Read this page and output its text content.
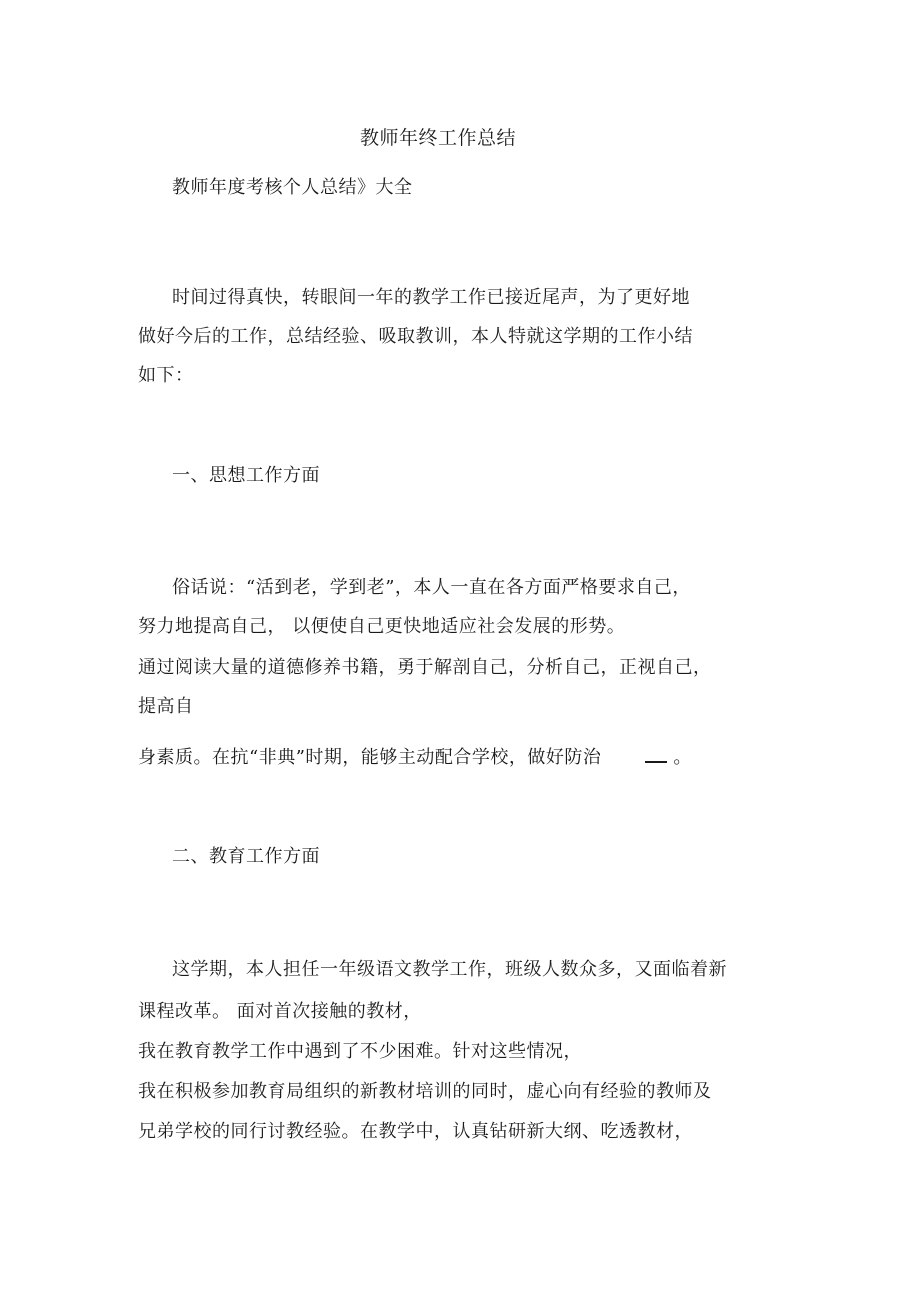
教师年终工作总结
教师年度考核个人总结》大全
时间过得真快，转眼间一年的教学工作已接近尾声，为了更好地
做好今后的工作，总结经验、吸取教训，本人特就这学期的工作小结
如下：
一、思想工作方面
俗话说：“活到老，学到老”，本人一直在各方面严格要求自己，
努力地提高自己， 以便使自己更快地适应社会发展的形势。
通过阅读大量的道德修养书籍，勇于解剖自己，分析自己，正视自己，
提高自
身素质。在抗“非典”时期，能够主动配合学校，做好防治	。
二、教育工作方面
这学期，本人担任一年级语文教学工作，班级人数众多，又面临着新
课程改革。 面对首次接触的教材，
我在教育教学工作中遇到了不少困难。针对这些情况，
我在积极参加教育局组织的新教材培训的同时，虚心向有经验的教师及
兄弟学校的同行讨教经验。在教学中，认真钻研新大纲、吃透教材，
